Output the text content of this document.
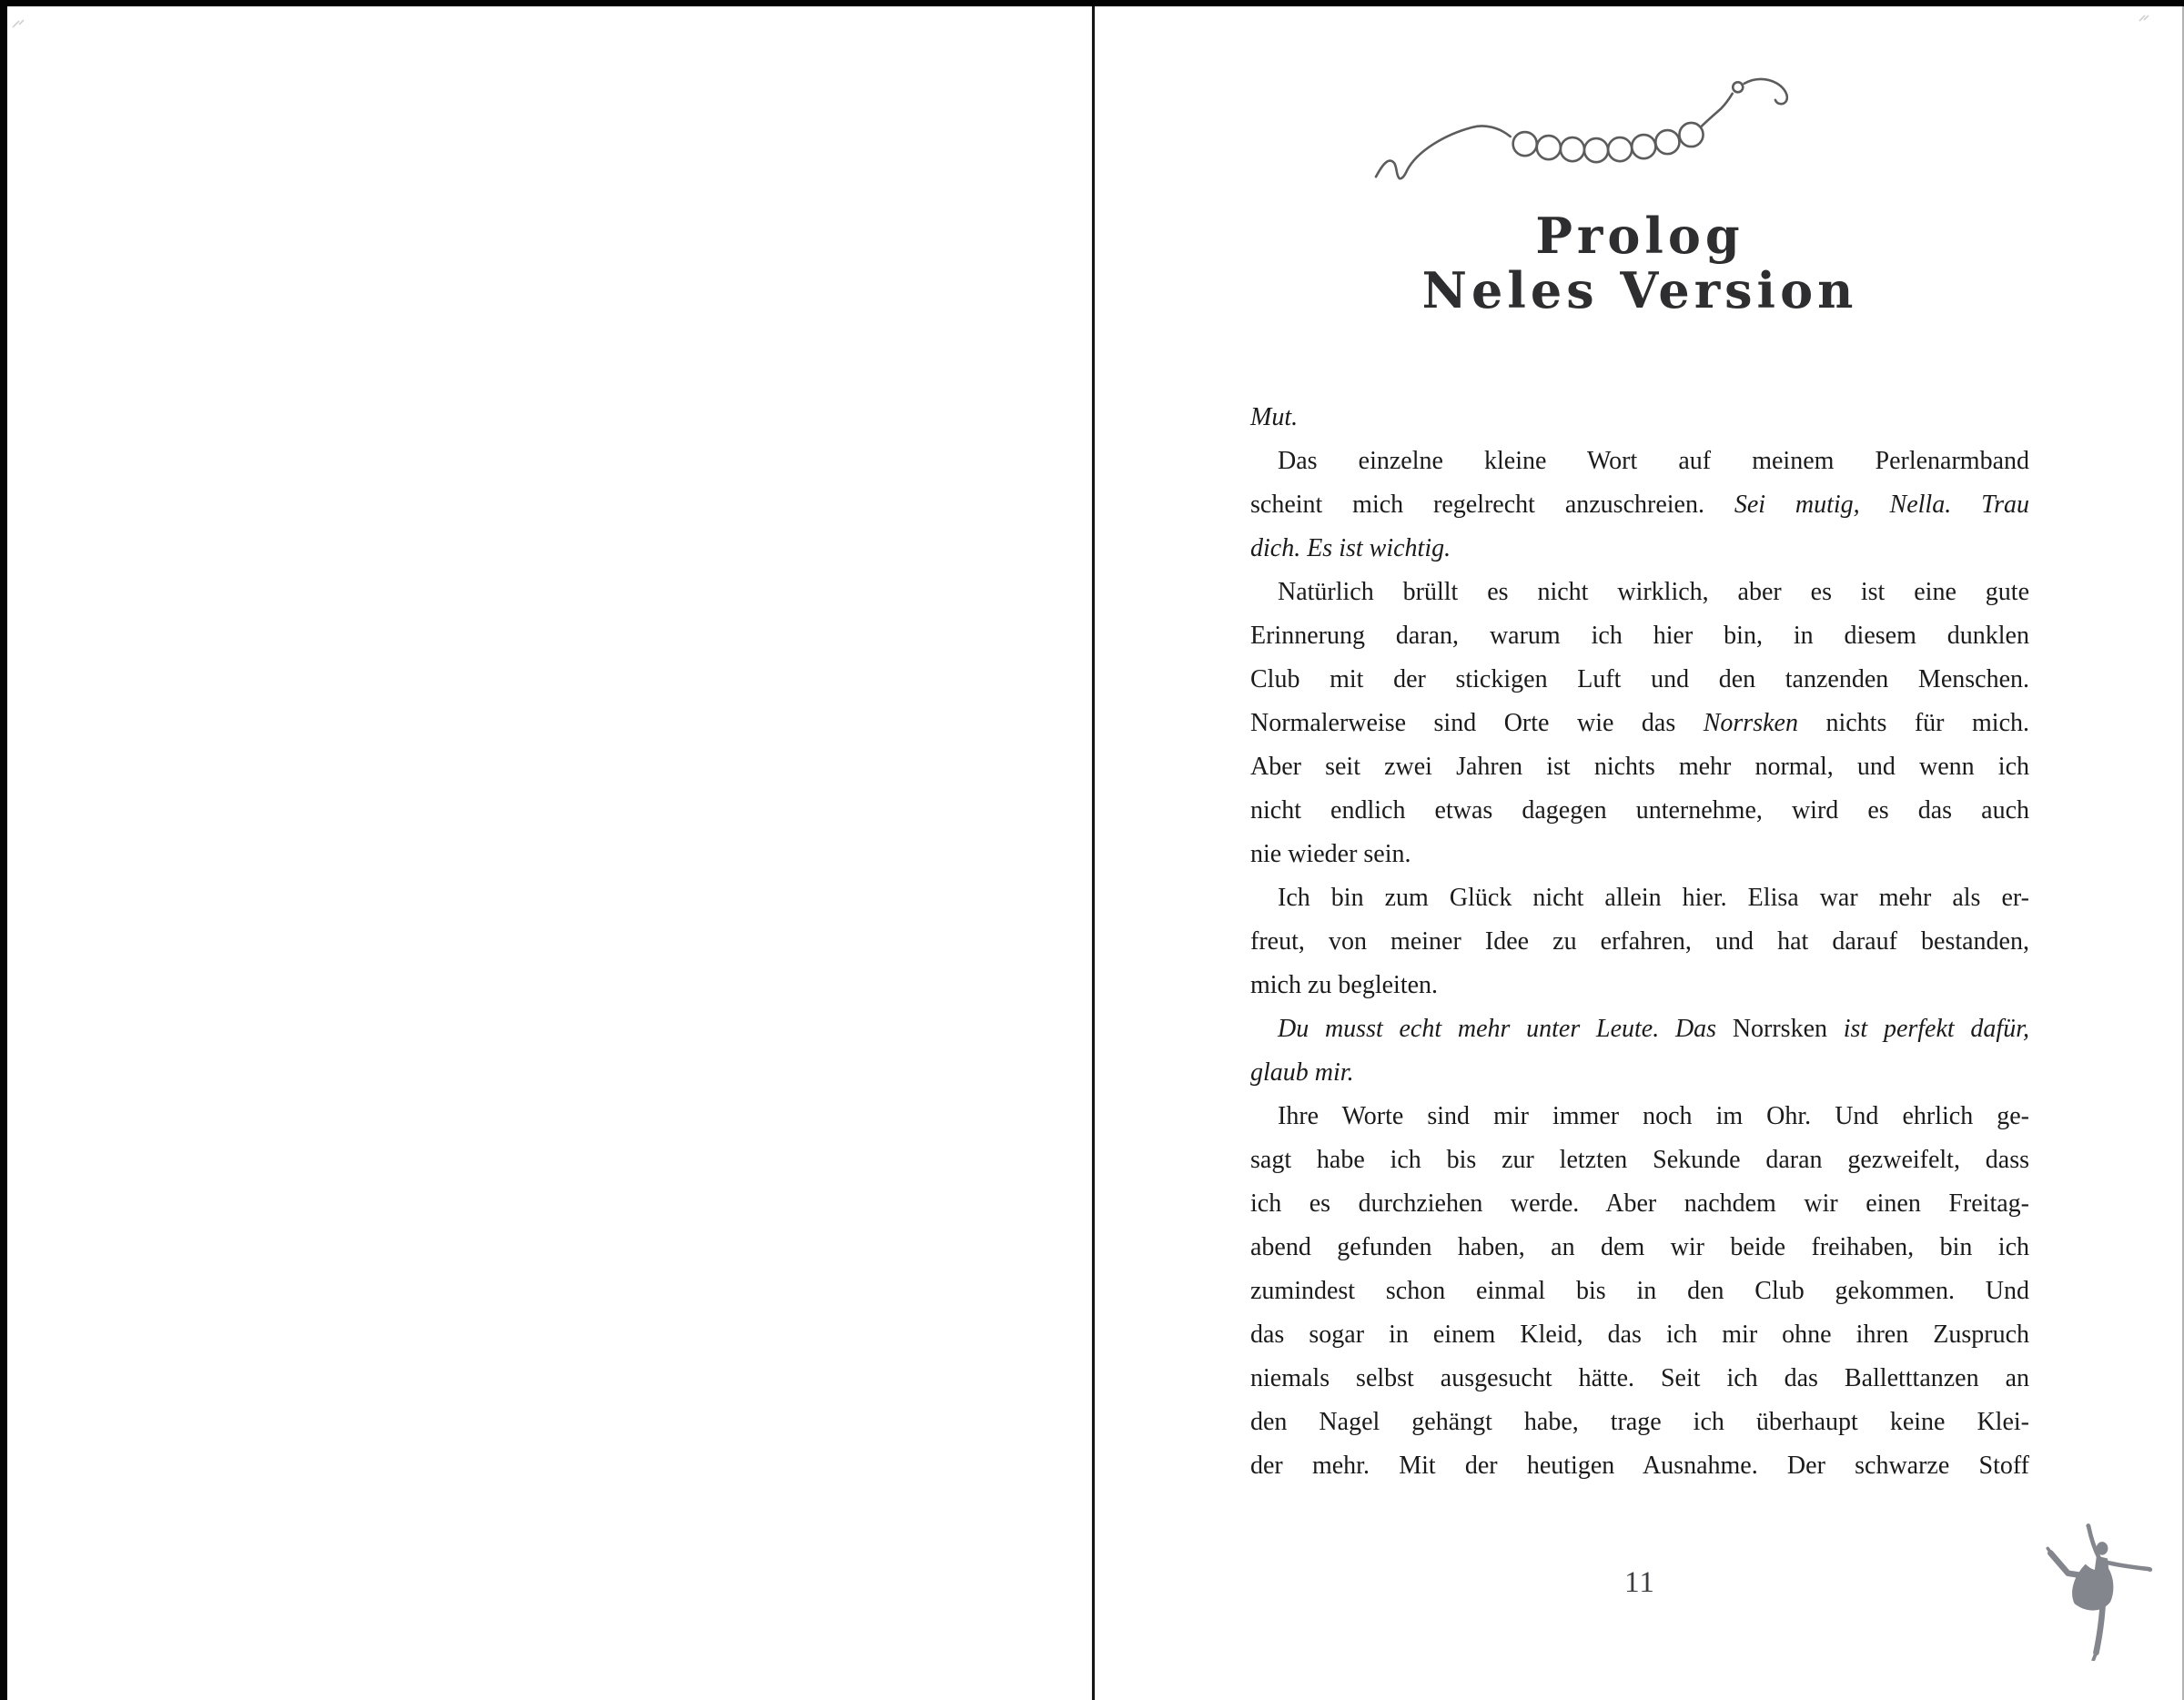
Prolog
Neles Version
Mut.
Das einzelne kleine Wort auf meinem Perlenarmband
scheint mich regelrecht anzuschreien. Sei mutig, Nella. Trau
dich. Es ist wichtig.
Natürlich brüllt es nicht wirklich, aber es ist eine gute
Erinnerung daran, warum ich hier bin, in diesem dunklen
Club mit der stickigen Luft und den tanzenden Menschen.
Normalerweise sind Orte wie das Norrsken nichts für mich.
Aber seit zwei Jahren ist nichts mehr normal, und wenn ich
nicht endlich etwas dagegen unternehme, wird es das auch
nie wieder sein.
Ich bin zum Glück nicht allein hier. Elisa war mehr als er-
freut, von meiner Idee zu erfahren, und hat darauf bestanden,
mich zu begleiten.
Du musst echt mehr unter Leute. Das Norrsken ist perfekt dafür,
glaub mir.
Ihre Worte sind mir immer noch im Ohr. Und ehrlich ge-
sagt habe ich bis zur letzten Sekunde daran gezweifelt, dass
ich es durchziehen werde. Aber nachdem wir einen Freitag-
abend gefunden haben, an dem wir beide freihaben, bin ich
zumindest schon einmal bis in den Club gekommen. Und
das sogar in einem Kleid, das ich mir ohne ihren Zuspruch
niemals selbst ausgesucht hätte. Seit ich das Balletttanzen an
den Nagel gehängt habe, trage ich überhaupt keine Klei-
der mehr. Mit der heutigen Ausnahme. Der schwarze Stoff
11
